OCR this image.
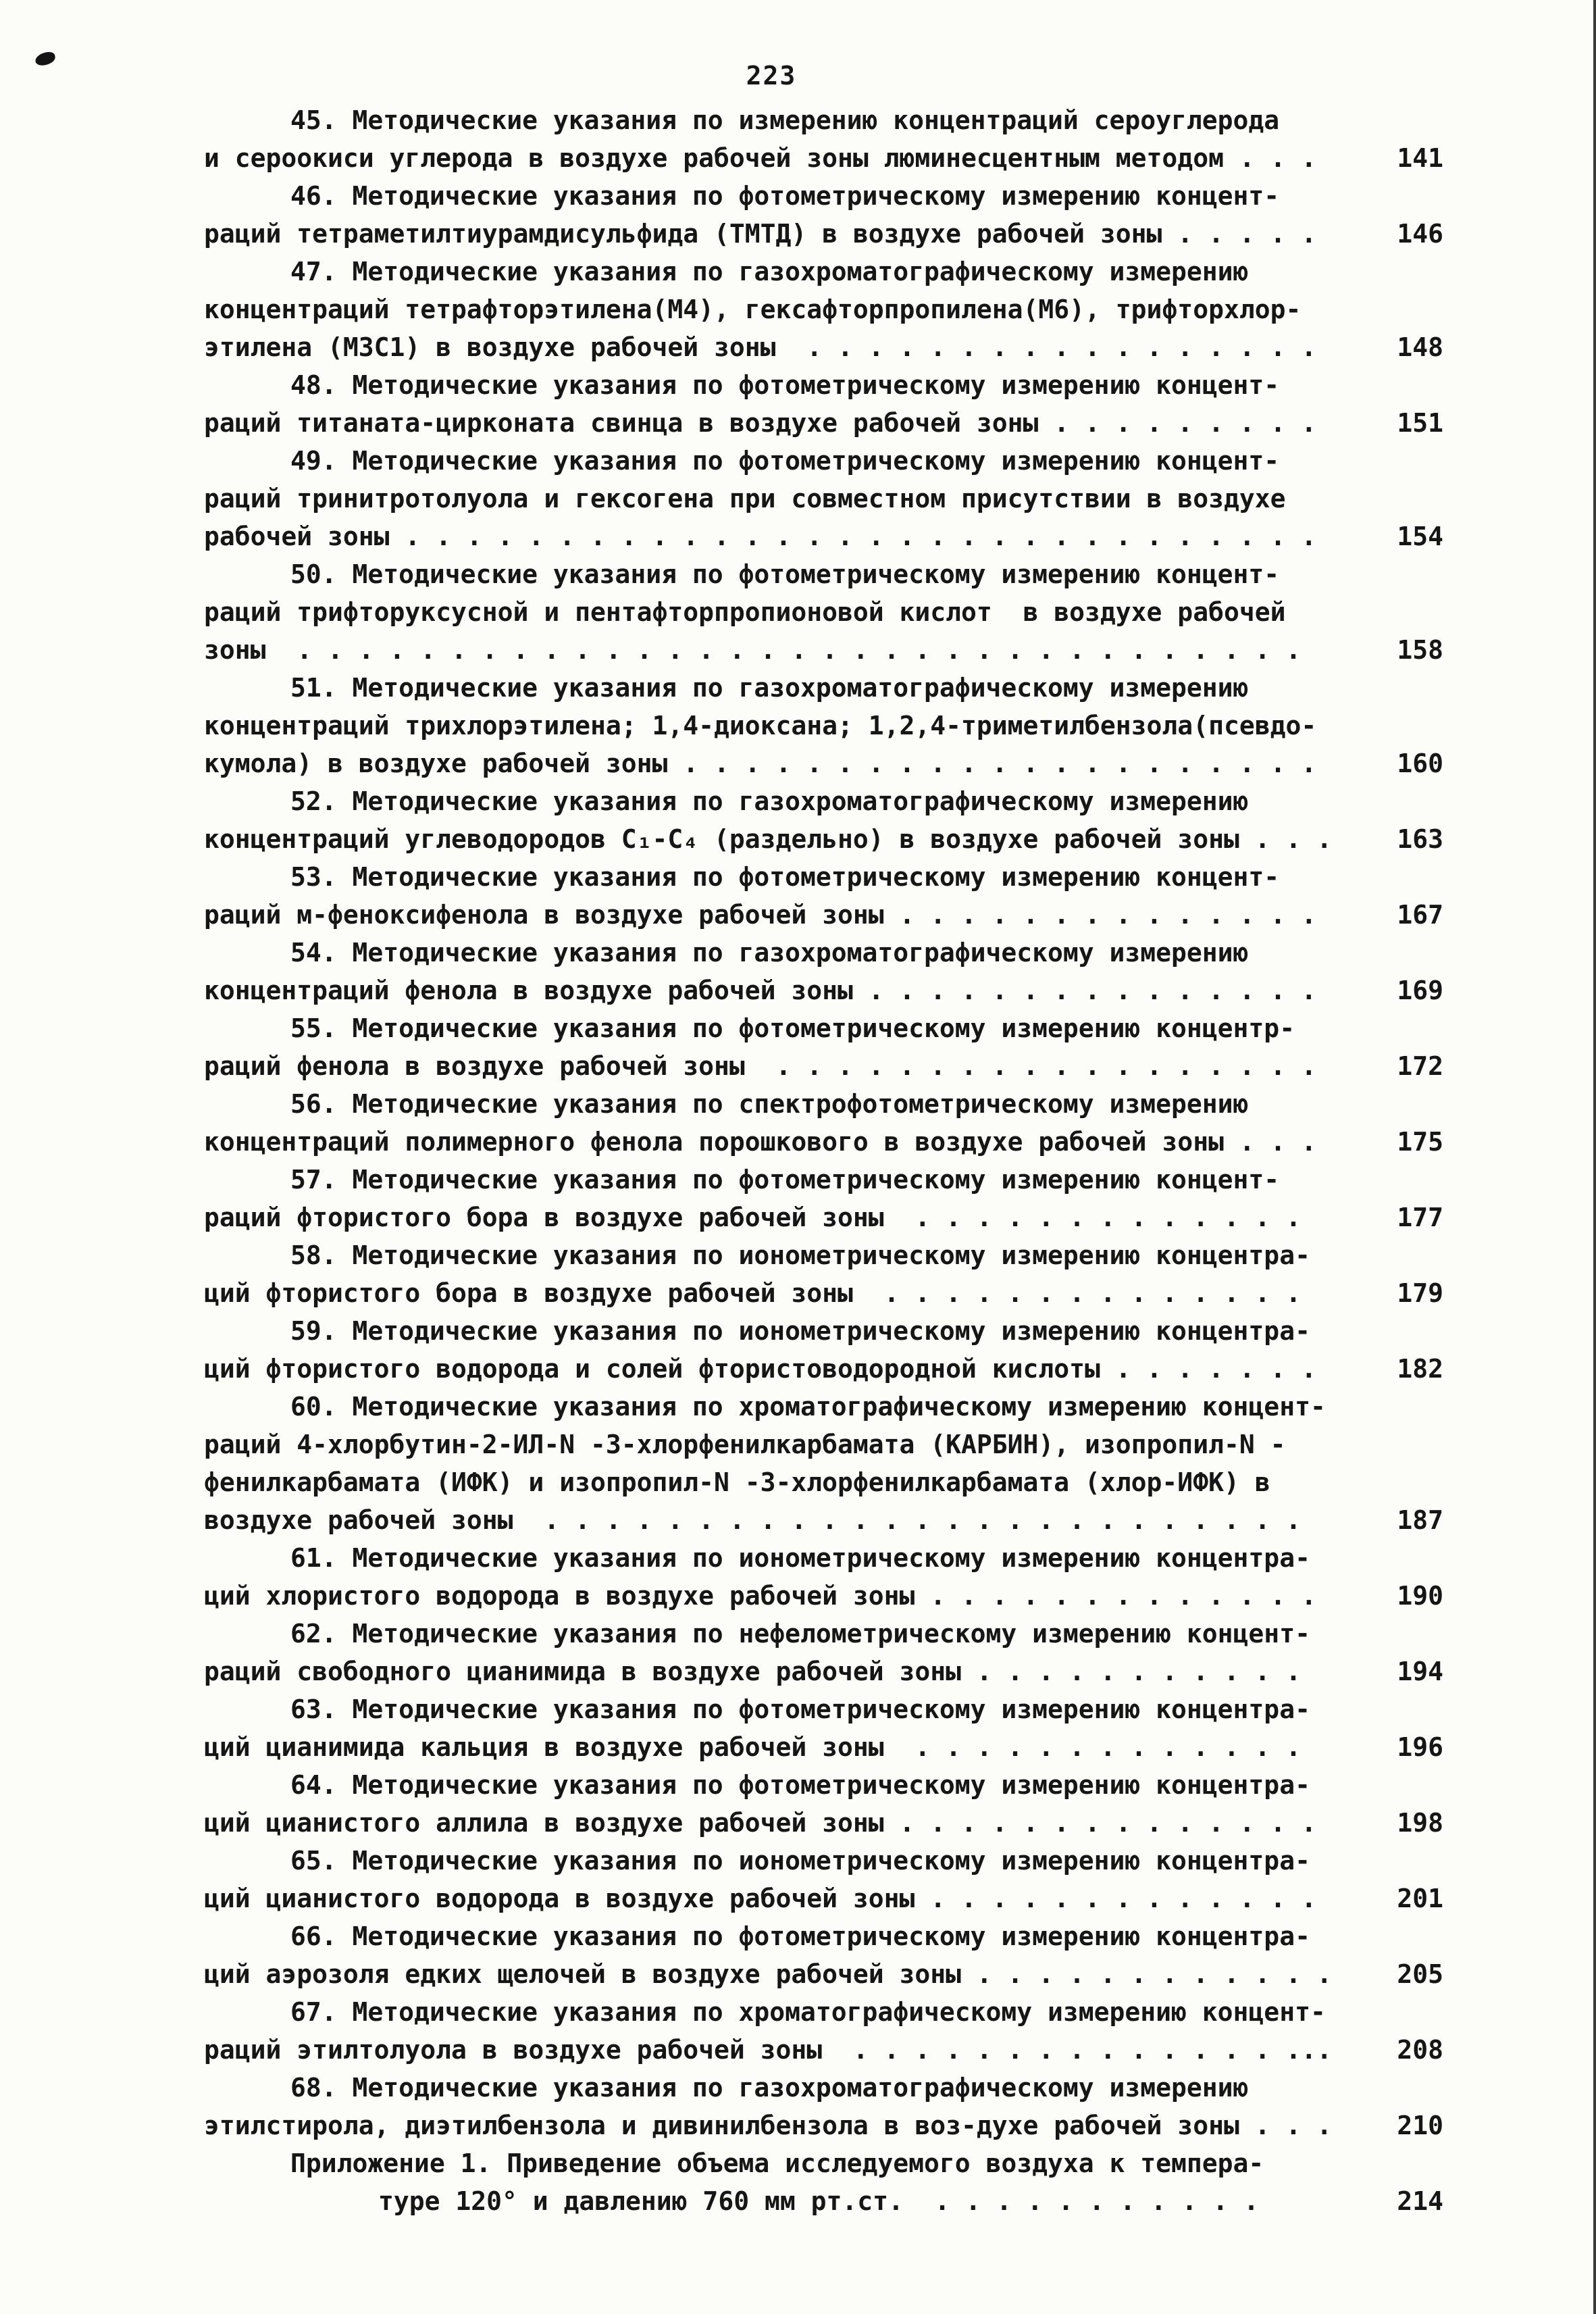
223
45. Методические указания по измерению концентраций сероуглерода
и сероокиси углерода в воздухе рабочей зоны люминесцентным методом . . .	141
46. Методические указания по фотометрическому измерению концент-
раций тетраметилтиурамдисульфида (ТМТД) в воздухе рабочей зоны . . . . .	146
47. Методические указания по газохроматографическому измерению
концентраций тетрафторэтилена(М4), гексафторпропилена(М6), трифторхлор-
этилена (М3С1) в воздухе рабочей зоны  . . . . . . . . . . . . . . . . .	148
48. Методические указания по фотометрическому измерению концент-
раций титаната-цирконата свинца в воздухе рабочей зоны . . . . . . . . .	151
49. Методические указания по фотометрическому измерению концент-
раций тринитротолуола и гексогена при совместном присутствии в воздухе
рабочей зоны . . . . . . . . . . . . . . . . . . . . . . . . . . . . . .	154
50. Методические указания по фотометрическому измерению концент-
раций трифторуксусной и пентафторпропионовой кислот  в воздухе рабочей
зоны  . . . . . . . . . . . . . . . . . . . . . . . . . . . . . . . . .	158
51. Методические указания по газохроматографическому измерению
концентраций трихлорэтилена; 1,4-диоксана; 1,2,4-триметилбензола(псевдо-
кумола) в воздухе рабочей зоны . . . . . . . . . . . . . . . . . . . . .	160
52. Методические указания по газохроматографическому измерению
концентраций углеводородов С₁-С₄ (раздельно) в воздухе рабочей зоны . . .	163
53. Методические указания по фотометрическому измерению концент-
раций м-феноксифенола в воздухе рабочей зоны . . . . . . . . . . . . . .	167
54. Методические указания по газохроматографическому измерению
концентраций фенола в воздухе рабочей зоны . . . . . . . . . . . . . . .	169
55. Методические указания по фотометрическому измерению концентр-
раций фенола в воздухе рабочей зоны  . . . . . . . . . . . . . . . . . .	172
56. Методические указания по спектрофотометрическому измерению
концентраций полимерного фенола порошкового в воздухе рабочей зоны . . .	175
57. Методические указания по фотометрическому измерению концент-
раций фтористого бора в воздухе рабочей зоны  . . . . . . . . . . . . .	177
58. Методические указания по ионометрическому измерению концентра-
ций фтористого бора в воздухе рабочей зоны  . . . . . . . . . . . . . .	179
59. Методические указания по ионометрическому измерению концентра-
ций фтористого водорода и солей фтористоводородной кислоты . . . . . . .	182
60. Методические указания по хроматографическому измерению концент-
раций 4-хлорбутин-2-ИЛ-N -3-хлорфенилкарбамата (КАРБИН), изопропил-N -
фенилкарбамата (ИФК) и изопропил-N -3-хлорфенилкарбамата (хлор-ИФК) в
воздухе рабочей зоны  . . . . . . . . . . . . . . . . . . . . . . . . .	187
61. Методические указания по ионометрическому измерению концентра-
ций хлористого водорода в воздухе рабочей зоны . . . . . . . . . . . . .	190
62. Методические указания по нефелометрическому измерению концент-
раций свободного цианимида в воздухе рабочей зоны . . . . . . . . . . .	194
63. Методические указания по фотометрическому измерению концентра-
ций цианимида кальция в воздухе рабочей зоны  . . . . . . . . . . . . .	196
64. Методические указания по фотометрическому измерению концентра-
ций цианистого аллила в воздухе рабочей зоны . . . . . . . . . . . . . .	198
65. Методические указания по ионометрическому измерению концентра-
ций цианистого водорода в воздухе рабочей зоны . . . . . . . . . . . . .	201
66. Методические указания по фотометрическому измерению концентра-
ций аэрозоля едких щелочей в воздухе рабочей зоны . . . . . . . . . . . .	205
67. Методические указания по хроматографическому измерению концент-
раций этилтолуола в воздухе рабочей зоны  . . . . . . . . . . . . . . ...	208
68. Методические указания по газохроматографическому измерению
этилстирола, диэтилбензола и дивинилбензола в воз-духе рабочей зоны . . .	210
Приложение 1. Приведение объема исследуемого воздуха к темпера-
туре 120° и давлению 760 мм рт.ст.  . . . . . . . . . . .	214
